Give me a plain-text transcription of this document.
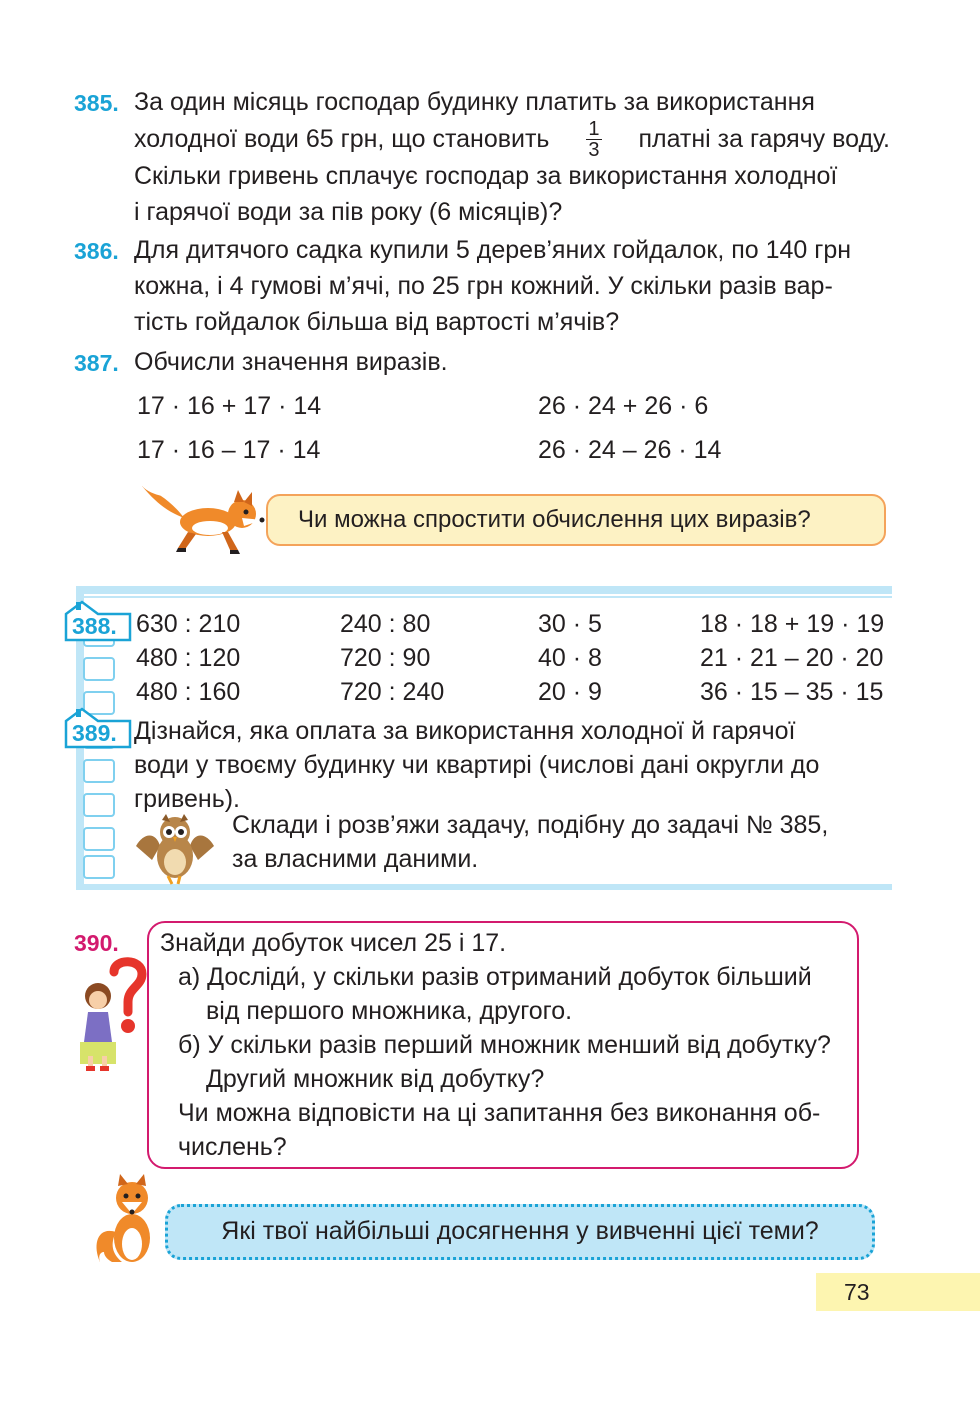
385. За один місяць господар будинку платить за використання
холодної води 65 грн, що становить $\frac{1}{3}$ платні за гарячу воду.
Скільки гривень сплачує господар за використання холодної
і гарячої води за пів року (6 місяців)?
386. Для дитячого садка купили 5 дерев’яних гойдалок, по 140 грн
кожна, і 4 гумові м’ячі, по 25 грн кожний. У скільки разів вар-
тість гойдалок більша від вартості м’ячів?
387. Обчисли значення виразів.
17 · 16 + 17 · 14	26 · 24 + 26 · 6
17 · 16 – 17 · 14	26 · 24 – 26 · 14
Чи можна спростити обчислення цих виразів?
388.
389.
630 : 210
480 : 120
480 : 160
240 : 80
720 : 90
720 : 240
30 · 5
40 · 8
20 · 9
18 · 18 + 19 · 19
21 · 21 – 20 · 20
36 · 15 – 35 · 15
Дізнайся, яка оплата за використання холодної й гарячої
води у твоєму будинку чи квартирі (числові дані округли до
гривень).
Склади і розв’яжи задачу, подібну до задачі № 385,
за власними даними.
390. Знайди добуток чисел 25 і 17.
а) Досліди́, у скільки разів отриманий добуток більший
від першого множника, другого.
б) У скільки разів перший множник менший від добутку?
Другий множник від добутку?
Чи можна відповісти на ці запитання без виконання об-
числень?
Які твої найбільші досягнення у вивченні цієї теми?
73
